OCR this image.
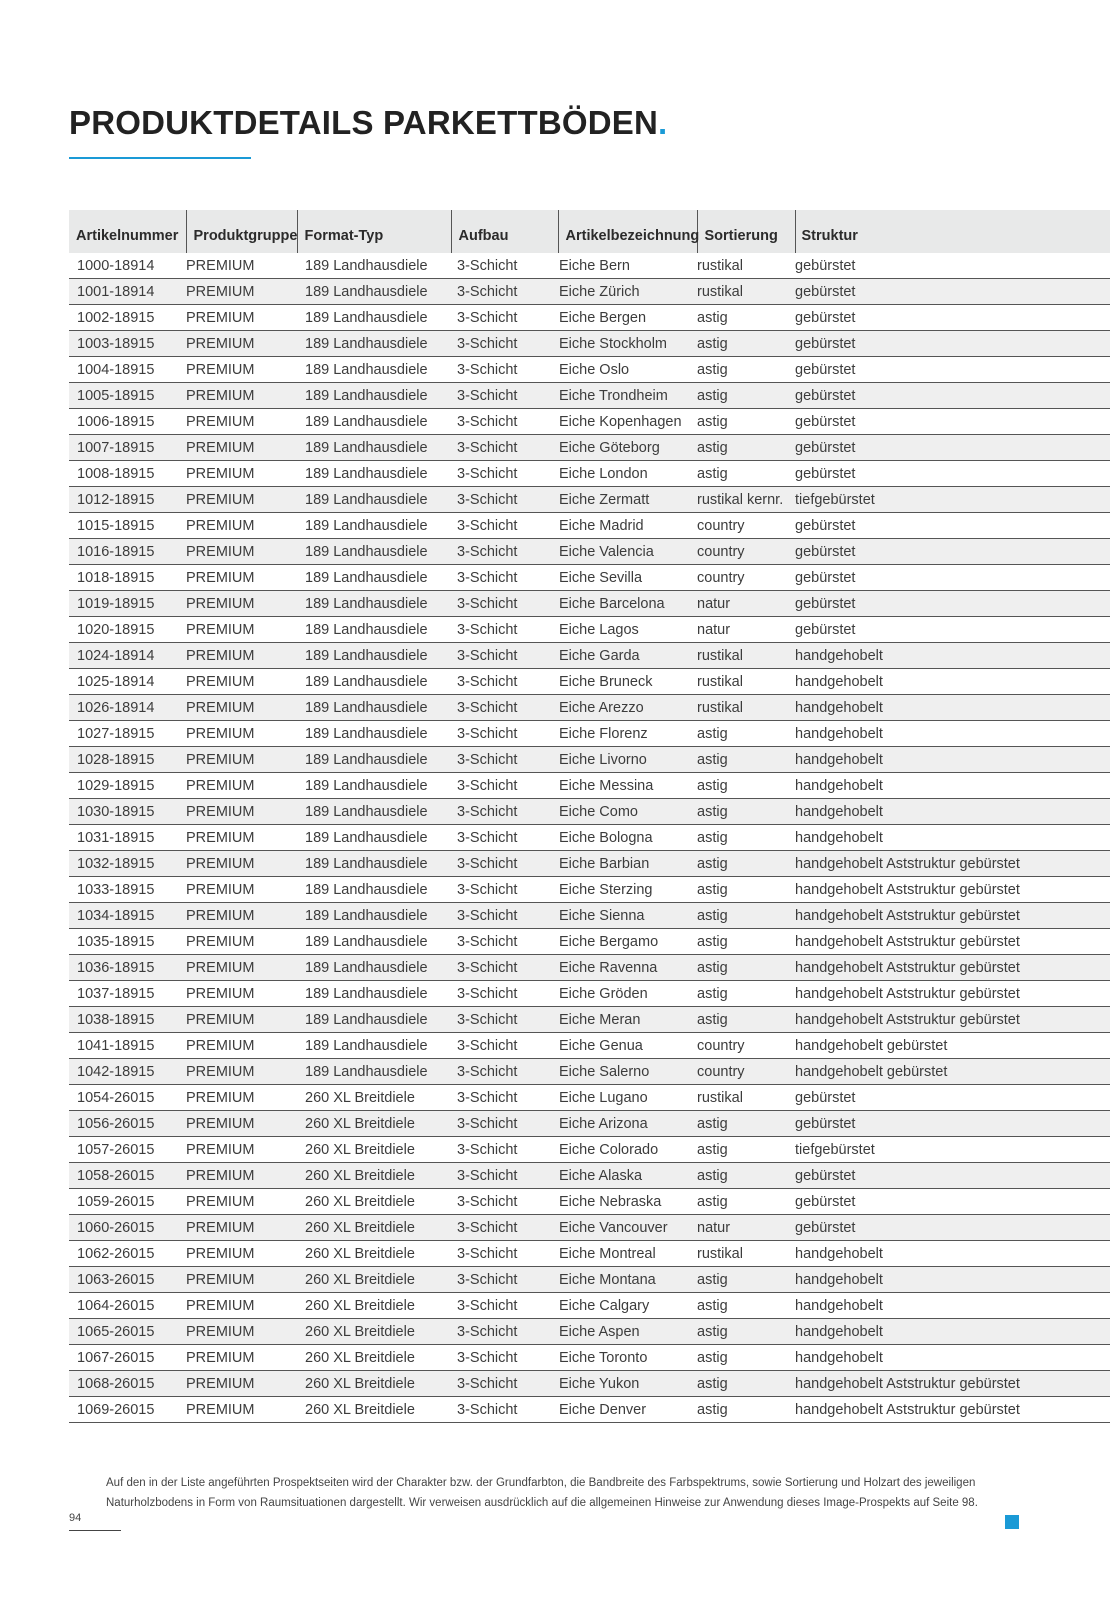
PRODUKTDETAILS PARKETTBÖDEN.
Artikelnummer	Produktgruppe	Format-Typ	Aufbau	Artikelbezeichnung	Sortierung	Struktur
1000-18914	PREMIUM	189 Landhausdiele	3-Schicht	Eiche Bern	rustikal	gebürstet
1001-18914	PREMIUM	189 Landhausdiele	3-Schicht	Eiche Zürich	rustikal	gebürstet
1002-18915	PREMIUM	189 Landhausdiele	3-Schicht	Eiche Bergen	astig	gebürstet
1003-18915	PREMIUM	189 Landhausdiele	3-Schicht	Eiche Stockholm	astig	gebürstet
1004-18915	PREMIUM	189 Landhausdiele	3-Schicht	Eiche Oslo	astig	gebürstet
1005-18915	PREMIUM	189 Landhausdiele	3-Schicht	Eiche Trondheim	astig	gebürstet
1006-18915	PREMIUM	189 Landhausdiele	3-Schicht	Eiche Kopenhagen	astig	gebürstet
1007-18915	PREMIUM	189 Landhausdiele	3-Schicht	Eiche Göteborg	astig	gebürstet
1008-18915	PREMIUM	189 Landhausdiele	3-Schicht	Eiche London	astig	gebürstet
1012-18915	PREMIUM	189 Landhausdiele	3-Schicht	Eiche Zermatt	rustikal kernr.	tiefgebürstet
1015-18915	PREMIUM	189 Landhausdiele	3-Schicht	Eiche Madrid	country	gebürstet
1016-18915	PREMIUM	189 Landhausdiele	3-Schicht	Eiche Valencia	country	gebürstet
1018-18915	PREMIUM	189 Landhausdiele	3-Schicht	Eiche Sevilla	country	gebürstet
1019-18915	PREMIUM	189 Landhausdiele	3-Schicht	Eiche Barcelona	natur	gebürstet
1020-18915	PREMIUM	189 Landhausdiele	3-Schicht	Eiche Lagos	natur	gebürstet
1024-18914	PREMIUM	189 Landhausdiele	3-Schicht	Eiche Garda	rustikal	handgehobelt
1025-18914	PREMIUM	189 Landhausdiele	3-Schicht	Eiche Bruneck	rustikal	handgehobelt
1026-18914	PREMIUM	189 Landhausdiele	3-Schicht	Eiche Arezzo	rustikal	handgehobelt
1027-18915	PREMIUM	189 Landhausdiele	3-Schicht	Eiche Florenz	astig	handgehobelt
1028-18915	PREMIUM	189 Landhausdiele	3-Schicht	Eiche Livorno	astig	handgehobelt
1029-18915	PREMIUM	189 Landhausdiele	3-Schicht	Eiche Messina	astig	handgehobelt
1030-18915	PREMIUM	189 Landhausdiele	3-Schicht	Eiche Como	astig	handgehobelt
1031-18915	PREMIUM	189 Landhausdiele	3-Schicht	Eiche Bologna	astig	handgehobelt
1032-18915	PREMIUM	189 Landhausdiele	3-Schicht	Eiche Barbian	astig	handgehobelt Aststruktur gebürstet
1033-18915	PREMIUM	189 Landhausdiele	3-Schicht	Eiche Sterzing	astig	handgehobelt Aststruktur gebürstet
1034-18915	PREMIUM	189 Landhausdiele	3-Schicht	Eiche Sienna	astig	handgehobelt Aststruktur gebürstet
1035-18915	PREMIUM	189 Landhausdiele	3-Schicht	Eiche Bergamo	astig	handgehobelt Aststruktur gebürstet
1036-18915	PREMIUM	189 Landhausdiele	3-Schicht	Eiche Ravenna	astig	handgehobelt Aststruktur gebürstet
1037-18915	PREMIUM	189 Landhausdiele	3-Schicht	Eiche Gröden	astig	handgehobelt Aststruktur gebürstet
1038-18915	PREMIUM	189 Landhausdiele	3-Schicht	Eiche Meran	astig	handgehobelt Aststruktur gebürstet
1041-18915	PREMIUM	189 Landhausdiele	3-Schicht	Eiche Genua	country	handgehobelt gebürstet
1042-18915	PREMIUM	189 Landhausdiele	3-Schicht	Eiche Salerno	country	handgehobelt gebürstet
1054-26015	PREMIUM	260 XL Breitdiele	3-Schicht	Eiche Lugano	rustikal	gebürstet
1056-26015	PREMIUM	260 XL Breitdiele	3-Schicht	Eiche Arizona	astig	gebürstet
1057-26015	PREMIUM	260 XL Breitdiele	3-Schicht	Eiche Colorado	astig	tiefgebürstet
1058-26015	PREMIUM	260 XL Breitdiele	3-Schicht	Eiche Alaska	astig	gebürstet
1059-26015	PREMIUM	260 XL Breitdiele	3-Schicht	Eiche Nebraska	astig	gebürstet
1060-26015	PREMIUM	260 XL Breitdiele	3-Schicht	Eiche Vancouver	natur	gebürstet
1062-26015	PREMIUM	260 XL Breitdiele	3-Schicht	Eiche Montreal	rustikal	handgehobelt
1063-26015	PREMIUM	260 XL Breitdiele	3-Schicht	Eiche Montana	astig	handgehobelt
1064-26015	PREMIUM	260 XL Breitdiele	3-Schicht	Eiche Calgary	astig	handgehobelt
1065-26015	PREMIUM	260 XL Breitdiele	3-Schicht	Eiche Aspen	astig	handgehobelt
1067-26015	PREMIUM	260 XL Breitdiele	3-Schicht	Eiche Toronto	astig	handgehobelt
1068-26015	PREMIUM	260 XL Breitdiele	3-Schicht	Eiche Yukon	astig	handgehobelt Aststruktur gebürstet
1069-26015	PREMIUM	260 XL Breitdiele	3-Schicht	Eiche Denver	astig	handgehobelt Aststruktur gebürstet
Auf den in der Liste angeführten Prospektseiten wird der Charakter bzw. der Grundfarbton, die Bandbreite des Farbspektrums, sowie Sortierung und Holzart des jeweiligen
Naturholzbodens in Form von Raumsituationen dargestellt. Wir verweisen ausdrücklich auf die allgemeinen Hinweise zur Anwendung dieses Image-Prospekts auf Seite 98.
94
